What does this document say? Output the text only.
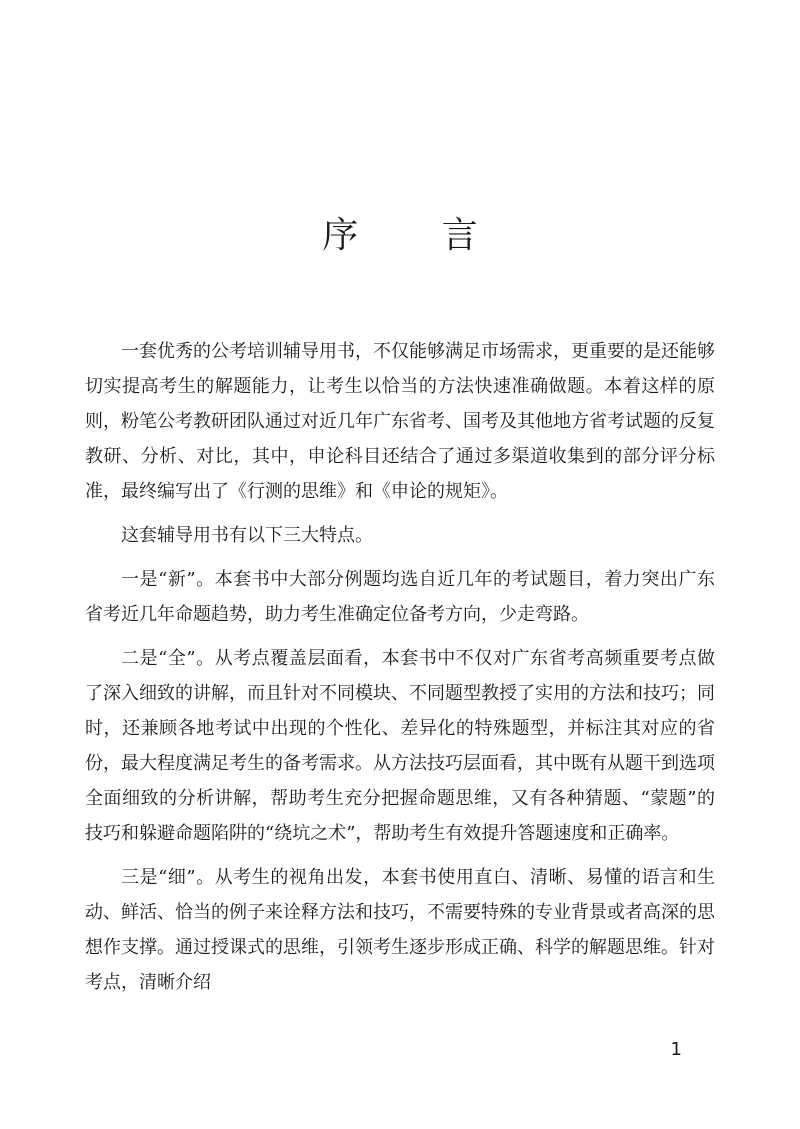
序 言

一套优秀的公考培训辅导用书，不仅能够满足市场需求，更重要的是还能够切实提高考生的解题能力，让考生以恰当的方法快速准确做题。本着这样的原则，粉笔公考教研团队通过对近几年广东省考、国考及其他地方省考试题的反复教研、分析、对比，其中，申论科目还结合了通过多渠道收集到的部分评分标准，最终编写出了《行测的思维》和《申论的规矩》。

这套辅导用书有以下三大特点。

一是“新”。本套书中大部分例题均选自近几年的考试题目，着力突出广东省考近几年命题趋势，助力考生准确定位备考方向，少走弯路。

二是“全”。从考点覆盖层面看，本套书中不仅对广东省考高频重要考点做了深入细致的讲解，而且针对不同模块、不同题型教授了实用的方法和技巧；同时，还兼顾各地考试中出现的个性化、差异化的特殊题型，并标注其对应的省份，最大程度满足考生的备考需求。从方法技巧层面看，其中既有从题干到选项全面细致的分析讲解，帮助考生充分把握命题思维，又有各种猜题、“蒙题”的技巧和躲避命题陷阱的“绕坑之术”，帮助考生有效提升答题速度和正确率。

三是“细”。从考生的视角出发，本套书使用直白、清晰、易懂的语言和生动、鲜活、恰当的例子来诠释方法和技巧，不需要特殊的专业背景或者高深的思想作支撑。通过授课式的思维，引领考生逐步形成正确、科学的解题思维。针对考点，清晰介绍

1
